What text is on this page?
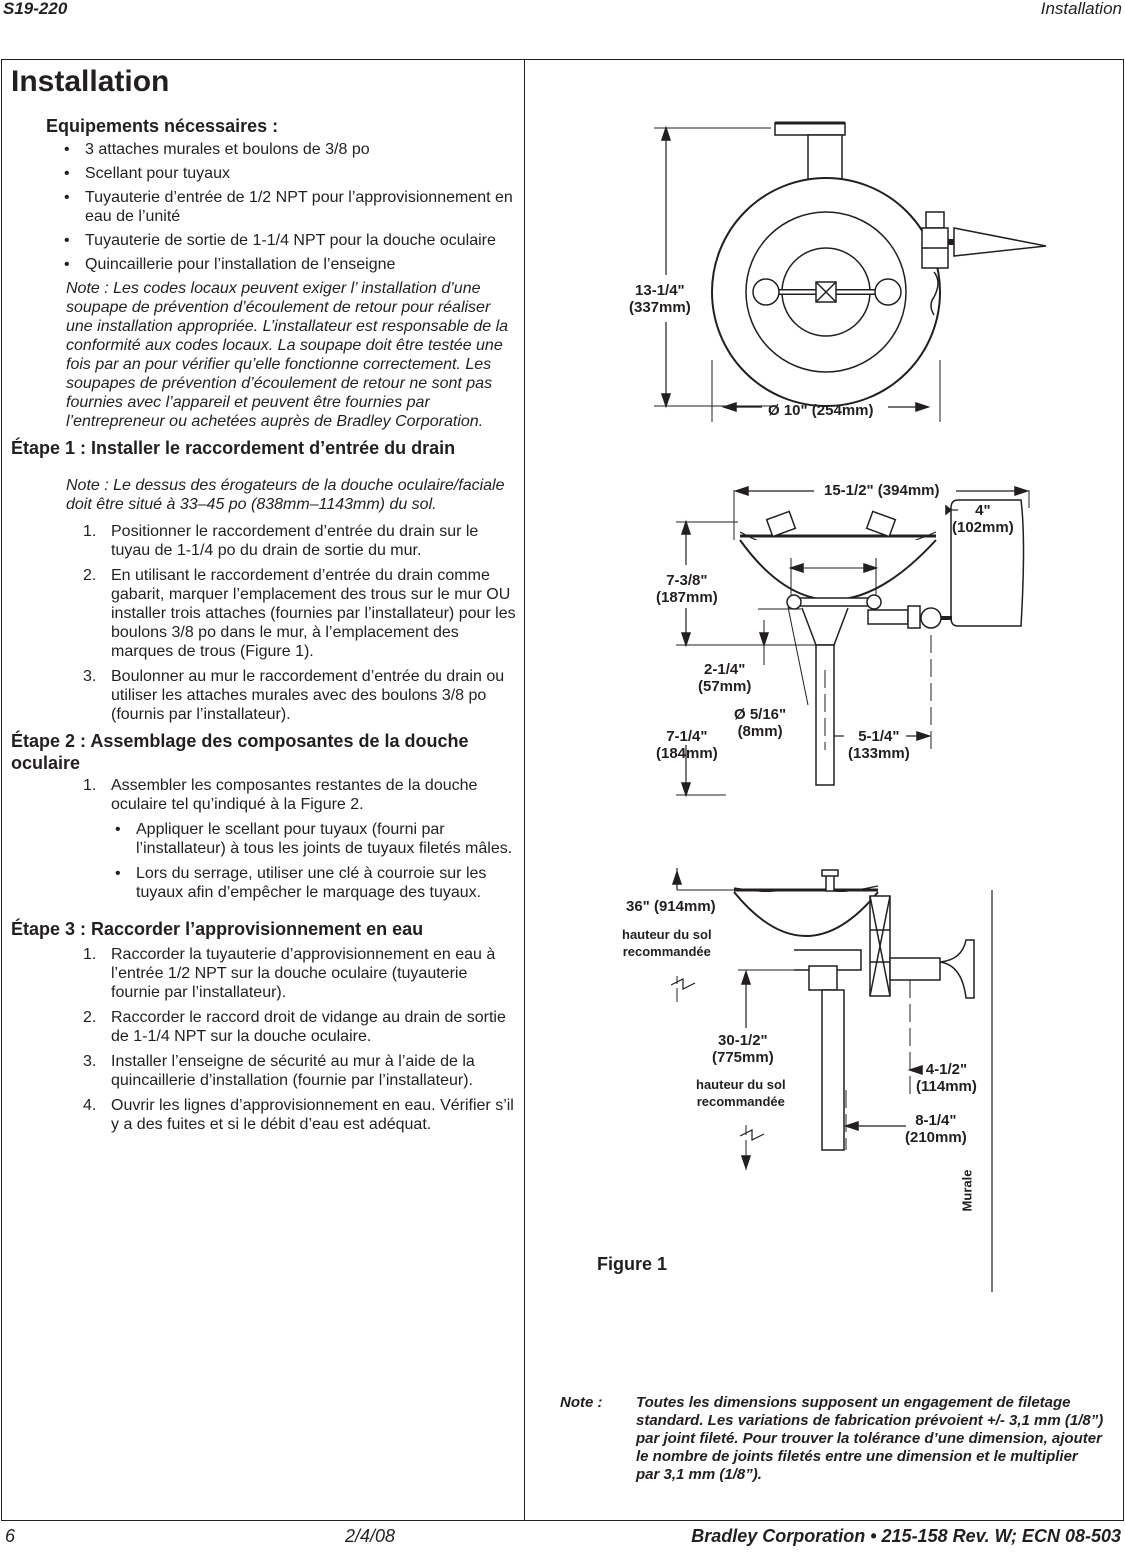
S19-220	Installation
Installation
Equipements nécessaires :
• 3 attaches murales et boulons de 3/8 po
• Scellant pour tuyaux
• Tuyauterie d’entrée de 1/2 NPT pour l’approvisionnement en eau de l’unité
• Tuyauterie de sortie de 1-1/4 NPT pour la douche oculaire
• Quincaillerie pour l’installation de l’enseigne

Note : Les codes locaux peuvent exiger l’ installation d’une soupape de prévention d’écoulement de retour pour réaliser une installation appropriée. L’installateur est responsable de la conformité aux codes locaux. La soupape doit être testée une fois par an pour vérifier qu’elle fonctionne correctement. Les soupapes de prévention d’écoulement de retour ne sont pas fournies avec l’appareil et peuvent être fournies par l’entrepreneur ou achetées auprès de Bradley Corporation.

Étape 1 : Installer le raccordement d’entrée du drain

Note : Le dessus des érogateurs de la douche oculaire/faciale doit être situé à 33–45 po (838mm–1143mm) du sol.

1. Positionner le raccordement d’entrée du drain sur le tuyau de 1-1/4 po du drain de sortie du mur.
2. En utilisant le raccordement d’entrée du drain comme gabarit, marquer l’emplacement des trous sur le mur OU installer trois attaches (fournies par l’installateur) pour les boulons 3/8 po dans le mur, à l’emplacement des marques de trous (Figure 1).
3. Boulonner au mur le raccordement d’entrée du drain ou utiliser les attaches murales avec des boulons 3/8 po (fournis par l’installateur).
Étape 2 : Assemblage des composantes de la douche oculaire
1. Assembler les composantes restantes de la douche oculaire tel qu’indiqué à la Figure 2.
• Appliquer le scellant pour tuyaux (fourni par l’installateur) à tous les joints de tuyaux filetés mâles.
• Lors du serrage, utiliser une clé à courroie sur les tuyaux afin d’empêcher le marquage des tuyaux.
Étape 3 : Raccorder l’approvisionnement en eau
1. Raccorder la tuyauterie d’approvisionnement en eau à l’entrée 1/2 NPT sur la douche oculaire (tuyauterie fournie par l’installateur).
2. Raccorder le raccord droit de vidange au drain de sortie de 1-1/4 NPT sur la douche oculaire.
3. Installer l’enseigne de sécurité au mur à l’aide de la quincaillerie d’installation (fournie par l’installateur).
4. Ouvrir les lignes d’approvisionnement en eau. Vérifier s’il y a des fuites et si le débit d’eau est adéquat.
13-1/4"
(337mm)
Ø 10" (254mm)
15-1/2" (394mm)
4"
(102mm)
7-3/8"
(187mm)
2-1/4"
(57mm)
Ø 5/16"
(8mm)
7-1/4"
(184mm)
5-1/4"
(133mm)
36" (914mm)
hauteur du sol
recommandée
30-1/2"
(775mm)
hauteur du sol
recommandée
4-1/2"
(114mm)
8-1/4"
(210mm)
Murale
Figure 1
Note : Toutes les dimensions supposent un engagement de filetage standard. Les variations de fabrication prévoient +/- 3,1 mm (1/8”) par joint fileté. Pour trouver la tolérance d’une dimension, ajouter le nombre de joints filetés entre une dimension et le multiplier par 3,1 mm (1/8”).
6	2/4/08	Bradley Corporation • 215-158 Rev. W; ECN 08-503
